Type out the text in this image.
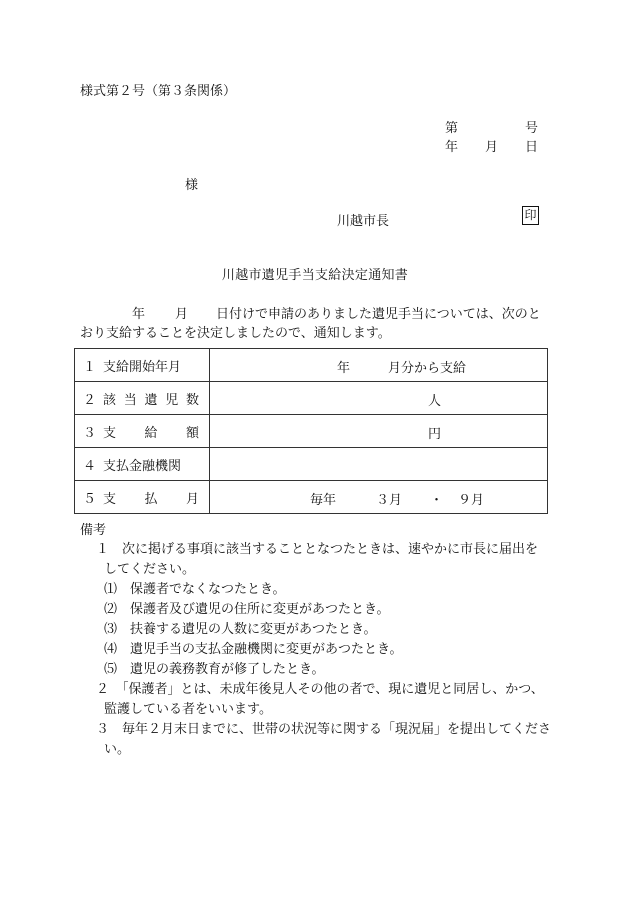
様式第２号（第３条関係）
第	号
年 月 日
様
川越市長	印
川越市遺児手当支給決定通知書
年 月 日付けで申請のありました遺児手当については、次のと
おり支給することを決定しましたので、通知します。
１ 支給開始年月	年 月分から支給

２ 該当遺児数	人

３ 支給額	円

４ 支払金融機関	
５ 支払月	毎年 ３月 ・ ９月
備考
１　次に掲げる事項に該当することとなつたときは、速やかに市長に届出を
してください。
⑴　保護者でなくなつたとき。
⑵　保護者及び遺児の住所に変更があつたとき。
⑶　扶養する遺児の人数に変更があつたとき。
⑷　遺児手当の支払金融機関に変更があつたとき。
⑸　遺児の義務教育が修了したとき。
２　「保護者」とは、未成年後見人その他の者で、現に遺児と同居し、かつ、
監護している者をいいます。
３　毎年２月末日までに、世帯の状況等に関する「現況届」を提出してくださ
い。
